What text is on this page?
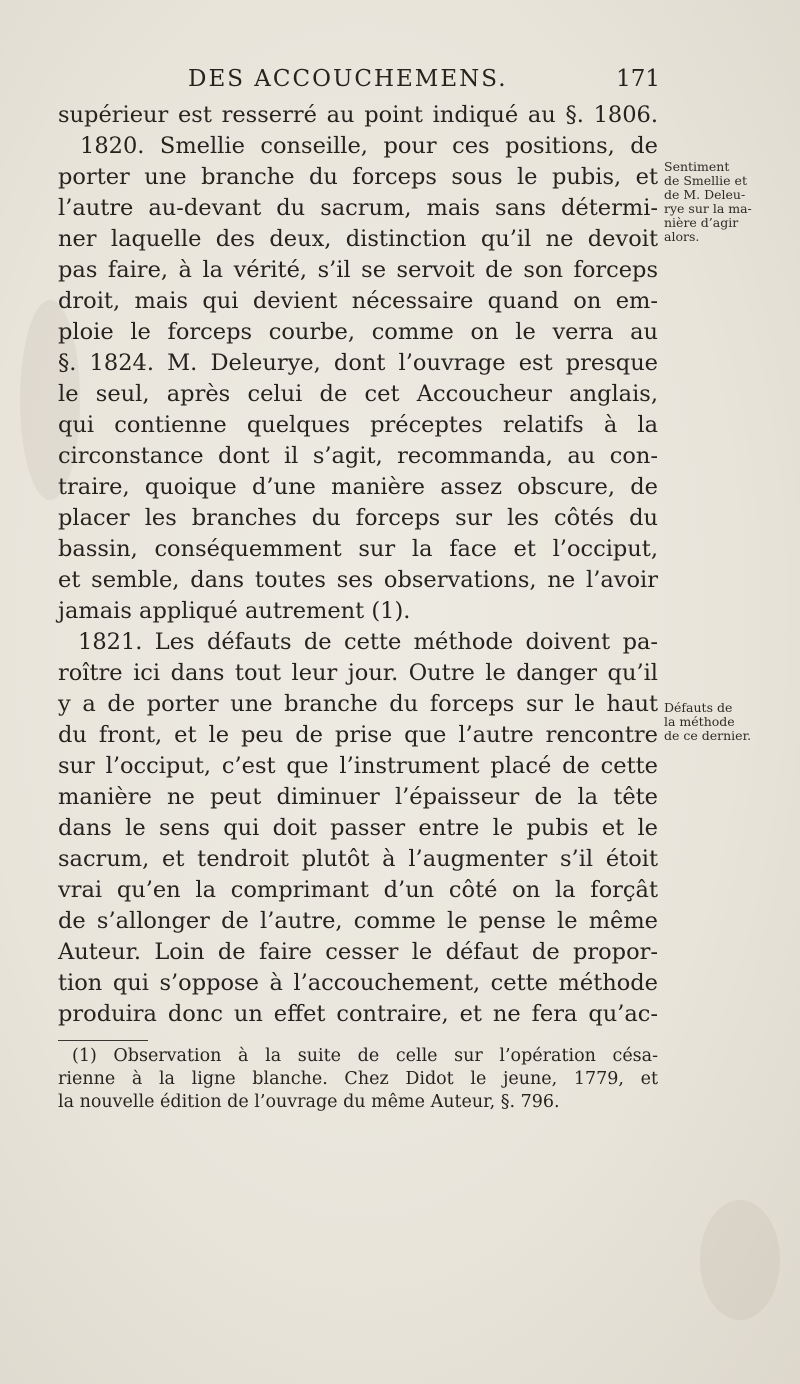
DES ACCOUCHEMENS.	171
supérieur est resserré au point indiqué au §. 1806.
1820. Smellie conseille, pour ces positions, de
porter une branche du forceps sous le pubis, et
l’autre au-devant du sacrum, mais sans détermi-
ner laquelle des deux, distinction qu’il ne devoit
pas faire, à la vérité, s’il se servoit de son forceps
droit, mais qui devient nécessaire quand on em-
ploie le forceps courbe, comme on le verra au
§. 1824. M. Deleurye, dont l’ouvrage est presque
le seul, après celui de cet Accoucheur anglais,
qui contienne quelques préceptes relatifs à la
circonstance dont il s’agit, recommanda, au con-
traire, quoique d’une manière assez obscure, de
placer les branches du forceps sur les côtés du
bassin, conséquemment sur la face et l’occiput,
et semble, dans toutes ses observations, ne l’avoir
jamais appliqué autrement (1).
1821. Les défauts de cette méthode doivent pa-
roître ici dans tout leur jour. Outre le danger qu’il
y a de porter une branche du forceps sur le haut
du front, et le peu de prise que l’autre rencontre
sur l’occiput, c’est que l’instrument placé de cette
manière ne peut diminuer l’épaisseur de la tête
dans le sens qui doit passer entre le pubis et le
sacrum, et tendroit plutôt à l’augmenter s’il étoit
vrai qu’en la comprimant d’un côté on la forçât
de s’allonger de l’autre, comme le pense le même
Auteur. Loin de faire cesser le défaut de propor-
tion qui s’oppose à l’accouchement, cette méthode
produira donc un effet contraire, et ne fera qu’ac-
(1) Observation à la suite de celle sur l’opération césa-
rienne à la ligne blanche. Chez Didot le jeune, 1779, et
la nouvelle édition de l’ouvrage du même Auteur, §. 796.
Sentiment
de Smellie et
de M. Deleu-
rye sur la ma-
nière d’agir
alors.
Défauts de
la méthode
de ce dernier.
